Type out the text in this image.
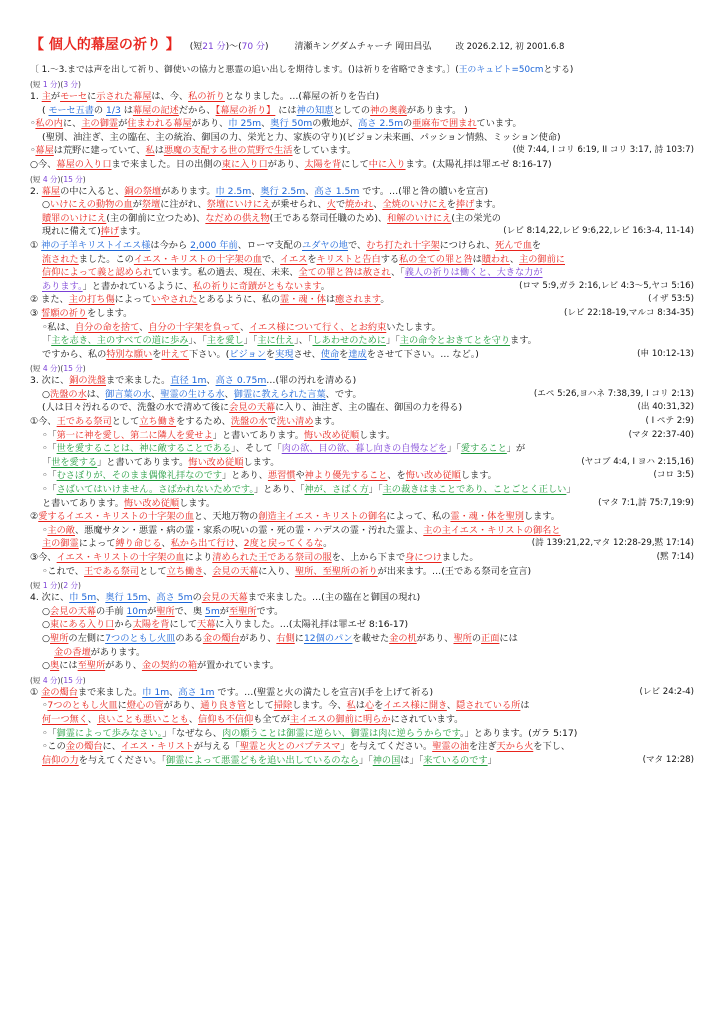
【 個人的幕屋の祈り 】 (短21 分)〜(70 分)	清瀬キングダムチャーチ 岡田昌弘	改 2026.2.12, 初 2001.6.8
〔 1.〜3.までは声を出して祈り、御使いの協力と悪霊の追い出しを期待します。()は祈りを省略できます。〕(王のキュビト=50cmとする)
(短 1 分)(3 分)
1. 主がモーセに示された幕屋は、今、私の祈りとなりました。…(幕屋の祈りを告白)
( モーセ五書の 1/3 は幕屋の記述だから、【幕屋の祈り】 には神の知恵としての神の奥義があります。 )
◦私の内に、主の御霊が住まわれる幕屋があり、巾 25m、奥行 50mの敷地が、高さ 2.5mの亜麻布で囲まれています。
(聖別、油注ぎ、主の臨在、主の統治、御国の力、栄光と力、家族の守り)(ビジョン未来画、パッション情熱、ミッション使命)
◦幕屋は荒野に建っていて、私は悪魔の支配する世の荒野で生活をしています。	(使 7:44, I コリ 6:19, II コリ 3:17, 詩 103:7)
○今、幕屋の入り口まで来ました。日の出側の東に入り口があり、太陽を背にして中に入ります。(太陽礼拝は罪エゼ 8:16-17)
(短 4 分)(15 分)
2. 幕屋の中に入ると、銅の祭壇があります。巾 2.5m、奥行 2.5m、高さ 1.5m です。…(罪と咎の贖いを宣言)
○いけにえの動物の血が祭壇に注がれ、祭壇にいけにえが乗せられ、火で焼かれ、全焼のいけにえを捧げます。
贖罪のいけにえ(主の御前に立つため)、なだめの供え物(王である祭司任職のため)、和解のいけにえ(主の栄光の
現れに備えて)捧げます。	(レビ 8:14,22,レビ 9:6,22,レビ 16:3-4, 11-14)
① 神の子羊キリストイエス様は今から 2,000 年前、ローマ支配のユダヤの地で、むち打たれ十字架につけられ、死んで血を
流されたました。このイエス・キリストの十字架の血で、イエスをキリストと告白する私の全ての罪と咎は贖われ、主の御前に
信仰によって義と認められています。私の過去、現在、未来、全ての罪と咎は赦され、「義人の祈りは働くと、大きな力が
あります。」と書かれているように、私の祈りに奇蹟がともないます。	(ロマ 5:9,ガラ 2:16,レビ 4:3〜5,ヤコ 5:16)
② また、主の打ち傷によっていやされたとあるように、私の霊・魂・体は癒されます。	(イザ 53:5)
③ 誓願の祈りをします。	(レビ 22:18-19,マルコ 8:34-35)
◦私は、自分の命を捨て、自分の十字架を負って、イエス様について行く、とお約束いたします。
「主を志き、主のすべての道に歩み」、「主を愛し」「主に仕え」、「しあわせのために」「主の命令とおきてとを守ります。
ですから、私の特別な願いを叶えて下さい。(ビジョンを実現させ、使命を達成をさせて下さい。… など。)	(申 10:12-13)
(短 4 分)(15 分)
3. 次に、銅の洗盤まで来ました。直径 1m、高さ 0.75m…(罪の汚れを清める)
○洗盤の水は、御言葉の水、聖霊の生ける水、御霊に教えられた言葉、です。	(エペ 5:26,ヨハネ 7:38,39, I コリ 2:13)
(人は日々汚れるので、洗盤の水で清めて後に会見の天幕に入り、油注ぎ、主の臨在、御国の力を得る)	(出 40:31,32)
①今、王である祭司として立ち働きをするため、洗盤の水で洗い清めます。	( I ペテ 2:9)
◦「第一に神を愛し、第二に隣人を愛せよ」と書いてあります。悔い改め従順します。	(マタ 22:37-40)
◦「世を愛することは、神に敵することである」、そして「肉の欲、目の欲、暮し向きの自慢などを」「愛すること」が
「世を愛する」と書いてあります。悔い改め従順します。	(ヤコブ 4:4, I ヨハ 2:15,16)
◦「むさぼりが、そのまま偶像礼拝なのです」とあり、悪習慣や神より優先すること、を悔い改め従順します。	(コロ 3:5)
◦「さばいてはいけません。さばかれないためです。」とあり、「神が、さばく方」「主の裁きはまことであり、ことごとく正しい」
と書いてあります。悔い改め従順します。	(マタ 7:1,詩 75:7,19:9)
②愛するイエス・キリストの十字架の血と、天地万物の創造主イエス・キリストの御名によって、私の霊・魂・体を聖別します。
◦主の敵、悪魔サタン・悪霊・病の霊・家系の呪いの霊・死の霊・ハデスの霊・汚れた霊よ、主の主イエス・キリストの御名と
主の御霊によって縛り命じる、私から出て行け、2度と戻ってくるな。	(詩 139:21,22,マタ 12:28-29,黙 17:14)
③今、イエス・キリストの十字架の血により清められた王である祭司の服を、上から下まで身につけました。	(黙 7:14)
◦これで、王である祭司として立ち働き、会見の天幕に入り、聖所、至聖所の祈りが出来ます。…(王である祭司を宣言)
(短 1 分)(2 分)
4. 次に、巾 5m、奥行 15m、高さ 5mの会見の天幕まで来ました。…(主の臨在と御国の現れ)
○会見の天幕の手前 10mが聖所で、奥 5mが至聖所です。
○東にある入り口から太陽を背にして天幕に入りました。…(太陽礼拝は罪エゼ 8:16-17)
○聖所の左側に7つのともし火皿のある金の燭台があり、右側に12個のパンを載せた金の机があり、聖所の正面には
金の香壇があります。
○奥には至聖所があり、金の契約の箱が置かれています。
(短 4 分)(15 分)
① 金の燭台まで来ました。巾 1m、高さ 1m です。…(聖霊と火の満たしを宣言)(手を上げて祈る)	(レビ 24:2-4)
◦7つのともし火皿に燈心の管があり、通り良き管として掃除します。今、私は心をイエス様に開き、隠されている所は
何一つ無く、良いことも悪いことも、信仰も不信仰も全てが主イエスの御前に明らかにされています。
◦「御霊によって歩みなさい。」「なぜなら、肉の願うことは御霊に逆らい、御霊は肉に逆らうからです。」とあります。(ガラ 5:17)
◦この金の燭台に、イエス・キリストが与える「聖霊と火とのバプテスマ」を与えてください。聖霊の油を注ぎ天から火を下し、
信仰の力を与えてください。「御霊によって悪霊どもを追い出しているのなら」「神の国は」「来ているのです」	(マタ 12:28)
